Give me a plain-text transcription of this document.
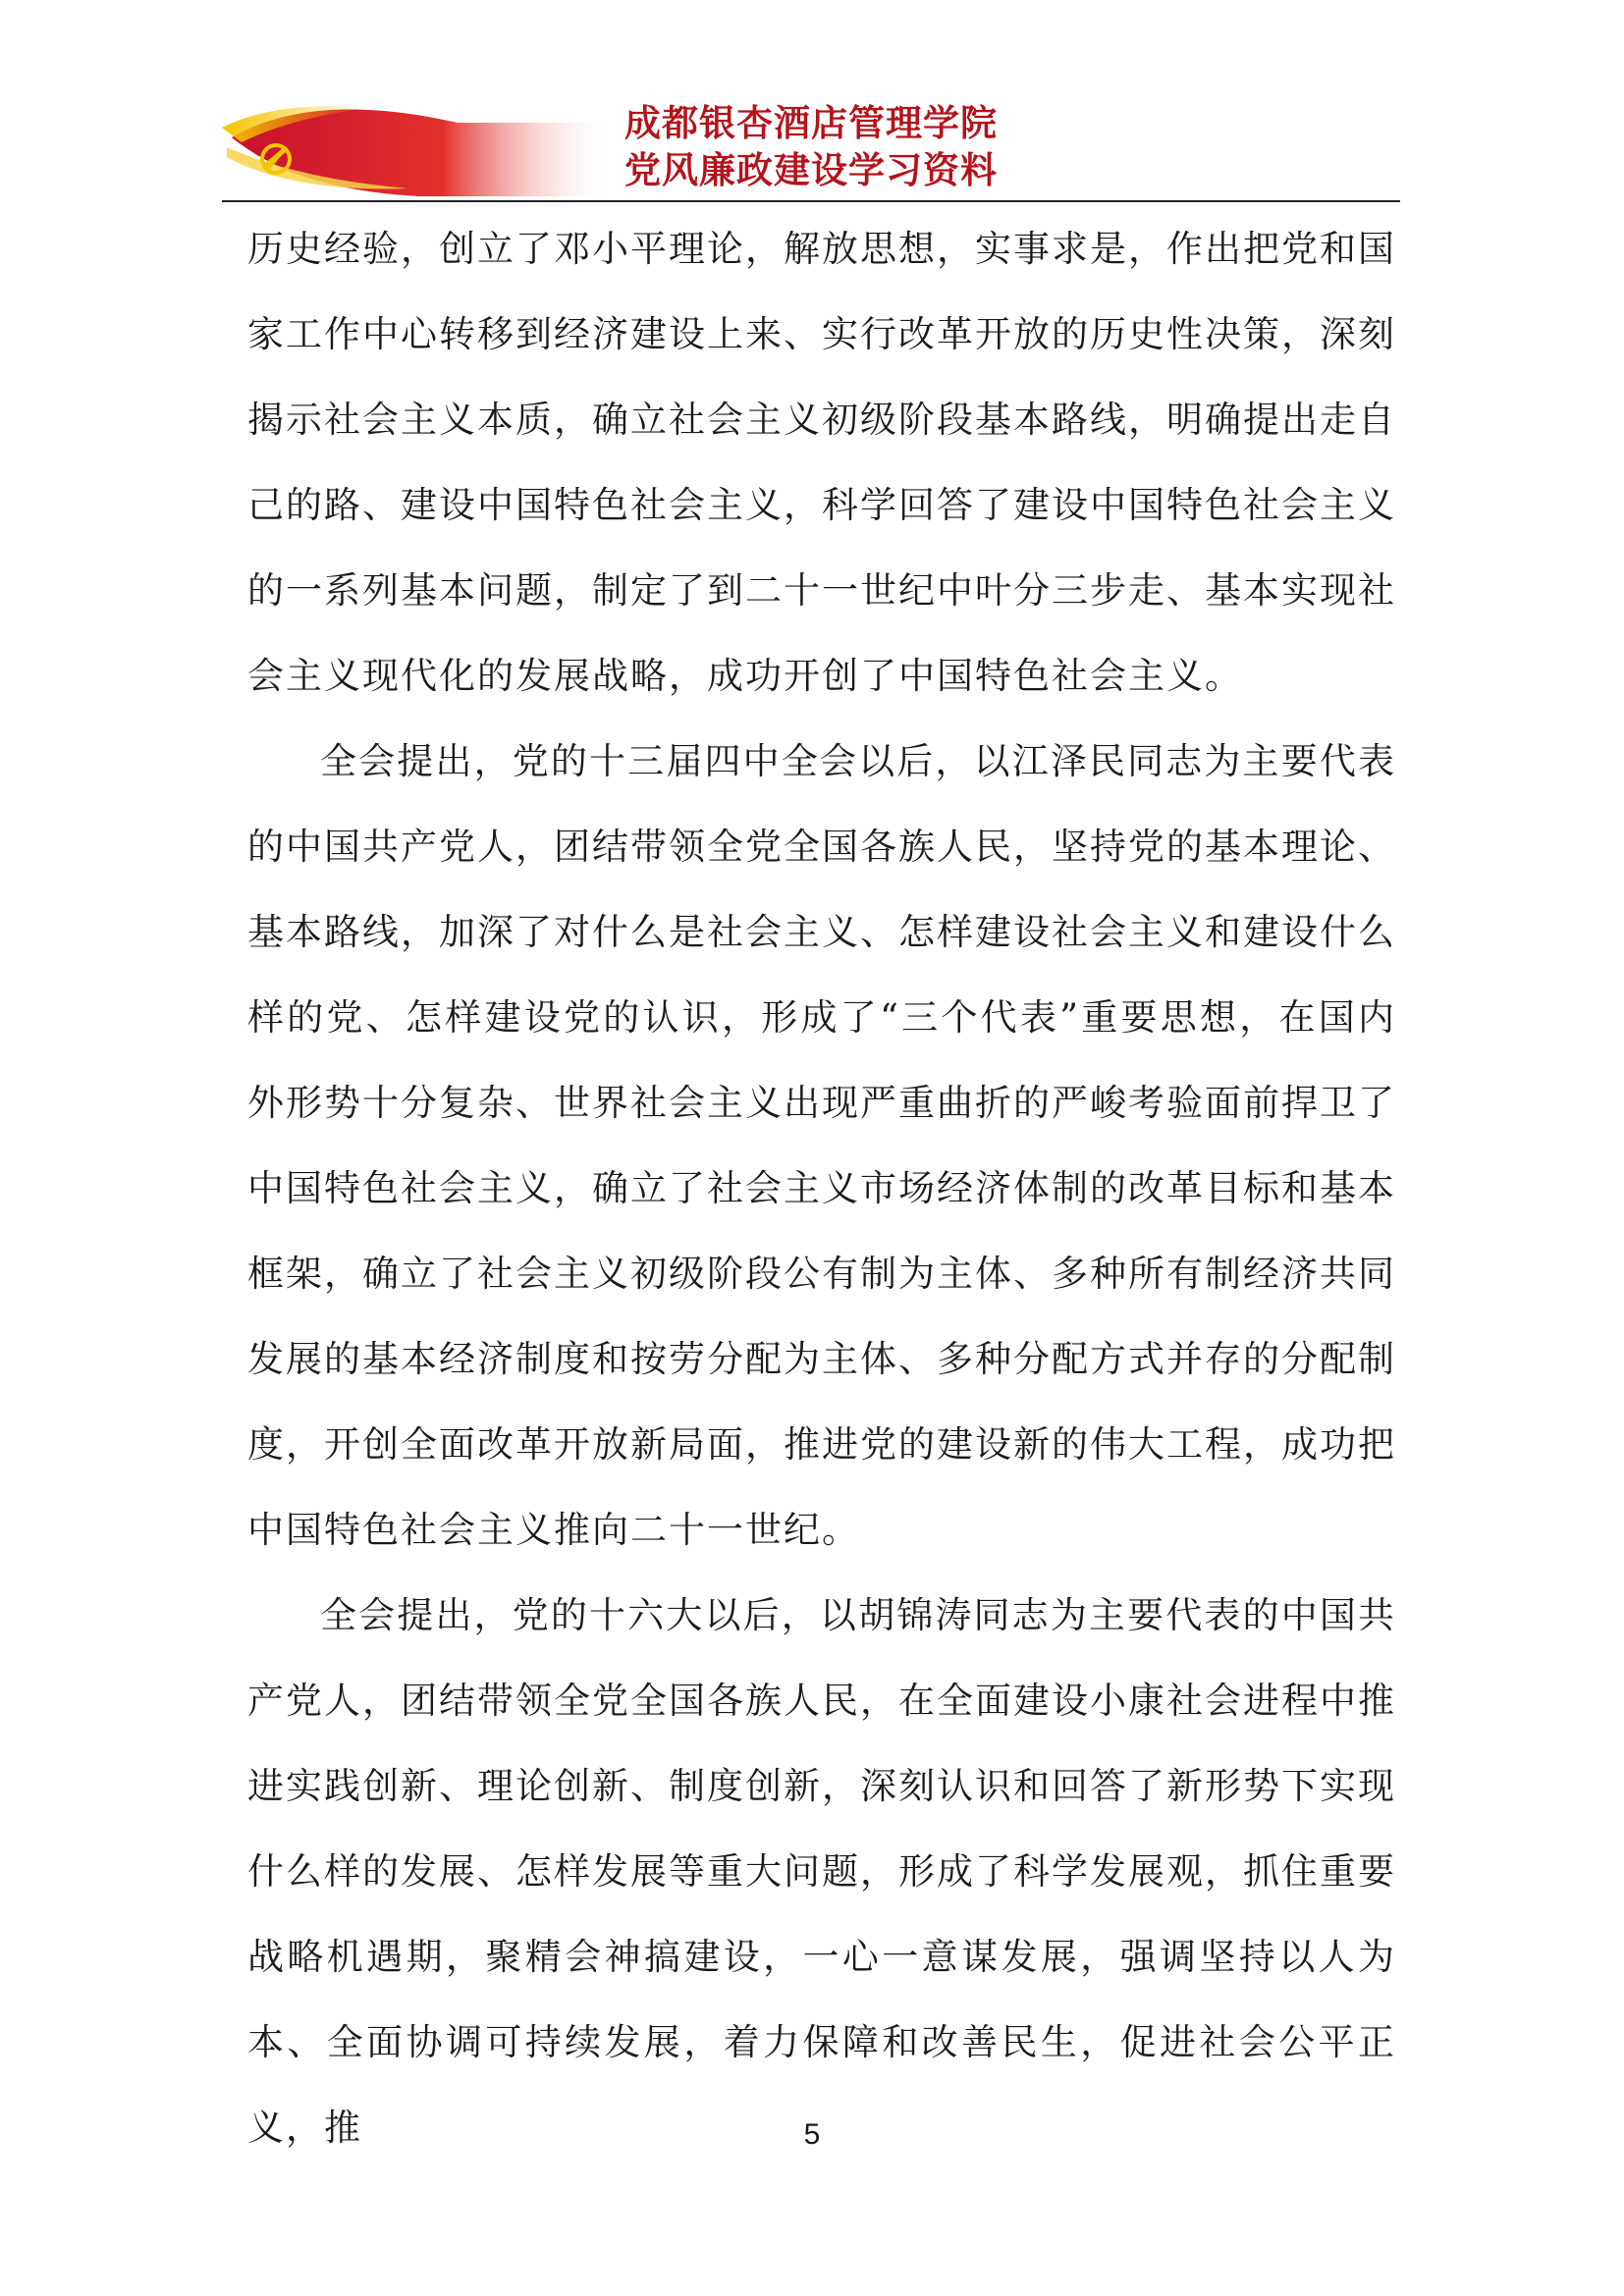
成都银杏酒店管理学院
党风廉政建设学习资料

历史经验，创立了邓小平理论，解放思想，实事求是，作出把党和国家工作中心转移到经济建设上来、实行改革开放的历史性决策，深刻揭示社会主义本质，确立社会主义初级阶段基本路线，明确提出走自己的路、建设中国特色社会主义，科学回答了建设中国特色社会主义的一系列基本问题，制定了到二十一世纪中叶分三步走、基本实现社会主义现代化的发展战略，成功开创了中国特色社会主义。

全会提出，党的十三届四中全会以后，以江泽民同志为主要代表的中国共产党人，团结带领全党全国各族人民，坚持党的基本理论、基本路线，加深了对什么是社会主义、怎样建设社会主义和建设什么样的党、怎样建设党的认识，形成了“三个代表”重要思想，在国内外形势十分复杂、世界社会主义出现严重曲折的严峻考验面前捍卫了中国特色社会主义，确立了社会主义市场经济体制的改革目标和基本框架，确立了社会主义初级阶段公有制为主体、多种所有制经济共同发展的基本经济制度和按劳分配为主体、多种分配方式并存的分配制度，开创全面改革开放新局面，推进党的建设新的伟大工程，成功把中国特色社会主义推向二十一世纪。

全会提出，党的十六大以后，以胡锦涛同志为主要代表的中国共产党人，团结带领全党全国各族人民，在全面建设小康社会进程中推进实践创新、理论创新、制度创新，深刻认识和回答了新形势下实现什么样的发展、怎样发展等重大问题，形成了科学发展观，抓住重要战略机遇期，聚精会神搞建设，一心一意谋发展，强调坚持以人为本、全面协调可持续发展，着力保障和改善民生，促进社会公平正义，推	5
